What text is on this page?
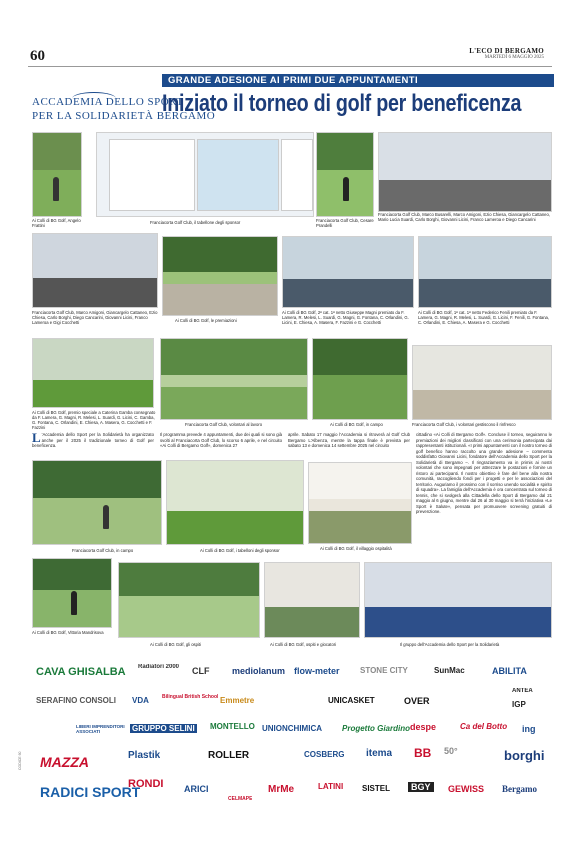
60	L'ECO DI BERGAMO
MARTEDÌ 6 MAGGIO 2025
ACCADEMIA DELLO SPORT
PER LA SOLIDARIETÀ BERGAMO
GRANDE ADESIONE AI PRIMI DUE APPUNTAMENTI
Iniziato il torneo di golf per beneficenza
Ai Colli di BG Golf, Angelo Frattini
Franciacorta Golf Club, il tabellone degli sponsor	Franciacorta Golf Club, Cesare Prandelli
Franciacorta Golf Club, Marco Busarelli, Marco Amigoni, Ezio Chiesa, Giancargelo Cattaneo, Mario Lucia Suardi, Carlo Borghi, Giovanni Licini, Franco Lameroa e Diego Cancarini
Franciacorta Golf Club, Marco Amigoni, Giancargelo Cattaneo, Ezio Chiesa, Carlo Borghi, Diego Cancarini, Giovanni Licini, Franco Lameroa e Gigi Cocchetti	Ai Colli di BG Golf, le premiazioni
Ai Colli di BG Golf, 2ª cat. 1ª netto Giuseppe Magni premiato da F. Lamera, R. Melesi, L. Suardi, G. Magni, G. Fontana, C. Orlandini, G. Licini, E. Chiesa, A. Masera, F. Fazzini e G. Cocchetti
Ai Colli di BG Golf, 1ª cat. 1ª netto Federico Fenili premiato da F. Lamera, G. Magni, R. Melesi, L. Suardi, G. Licini, F. Fenili, G. Fontana, C. Orlandini, E. Chiesa, A. Masera e G. Cocchetti
Ai Colli di BG Golf, premio speciale a Caterina Gamba consegnato da F. Lamera, G. Magni, R. Melesi, L. Suardi, G. Licini, C. Gamba, G. Fontana, C. Orlandini, E. Chiesa, A. Masera, G. Cocchetti e F. Fazzini
Franciacorta Golf Club, volontari al lavoro	Ai Colli di BG Golf, in campo	Franciacorta Golf Club, i volontari gestiscono il rinfresco
L 'Accademia dello Sport per la Solidarietà ha organizzato anche per il 2025 il tradizionale torneo di Golf per beneficenza.
Il programma prevede 4 appuntamenti, due dei quali si sono già svolti al Franciacorta Golf Club, lo scorso 6 aprile, e nel circuito «Ai Colli di Bergamo Golf», domenica 27
aprile. Sabato 17 maggio l'Accademia si ritroverà al Golf Club Bergamo L'Albenza, mentre la tappa finale è prevista per sabato 13 e domenica 14 settembre 2025 nel circuito
cittadino «Ai Colli di Bergamo Golf». Concluse il torneo, seguiranno le premiazioni dei migliori classificati con una cerimonia partecipata dai rappresentanti istituzionali. «I primi appuntamenti con il nostro torneo di golf benefico hanno raccolto una grande adesione – commenta soddisfatto Giovanni Licini, fondatore dell'Accademia dello Sport per la Solidarietà di Bergamo –. Il ringraziamento va in primis ai nostri volontari che sono impegnati per attrezzare le postazioni e fornire un ristoro ai partecipanti. Il nostro obiettivo è fare del bene alla nostra comunità, raccogliendo fondi per i progetti e per le associazioni del territorio. Auguriamo il prossimo con il sorriso unendo socialità e spirito di squadra». La famiglia dell'Accademia è ora concentrata sul torneo di tennis, che si svolgerà alla Cittadella dello Sport di Bergamo dal 21 maggio al 6 giugno, mentre dal 26 al 30 maggio si terrà l'iniziativa «Le Sport è Salute», pensata per promuovere screening gratuiti di prevenzione.
Franciacorta Golf Club, in campo	Ai Colli di BG Golf, i tabelloni degli sponsor	Ai Colli di BG Golf, il villaggio ospitalità
Ai Colli di BG Golf, Vittoria Mandrisova
Ai Colli di BG Golf, gli ospiti	Ai Colli di BG Golf, ospiti e giocatori	Il gruppo dell'Accademia dello Sport per la Solidarietà
CAVA GHISALBA Radiatori 2000 CLF	mediolanum flow-meter	STONE CITY	SunMac	ABILITA
SERAFINO CONSOLI VDA	Bilingual British School Emmetre	UNICASKET	OVER
ANTEA
IGP
LIBERI IMPRENDITORI ASSOCIATI	GRUPPO SELINI MONTELLO UNIONCHIMICA	Progetto Giardino despe	Ca del Botto ing
MAZZA	Plastik	ROLLER	COSBERG itema BB 50°	borghi
RADICI SPORT
RONDI ARICI
CELMAPE
MrMe	LATINI SISTEL	BGY	GEWISS Bergamo
CODICE 60
